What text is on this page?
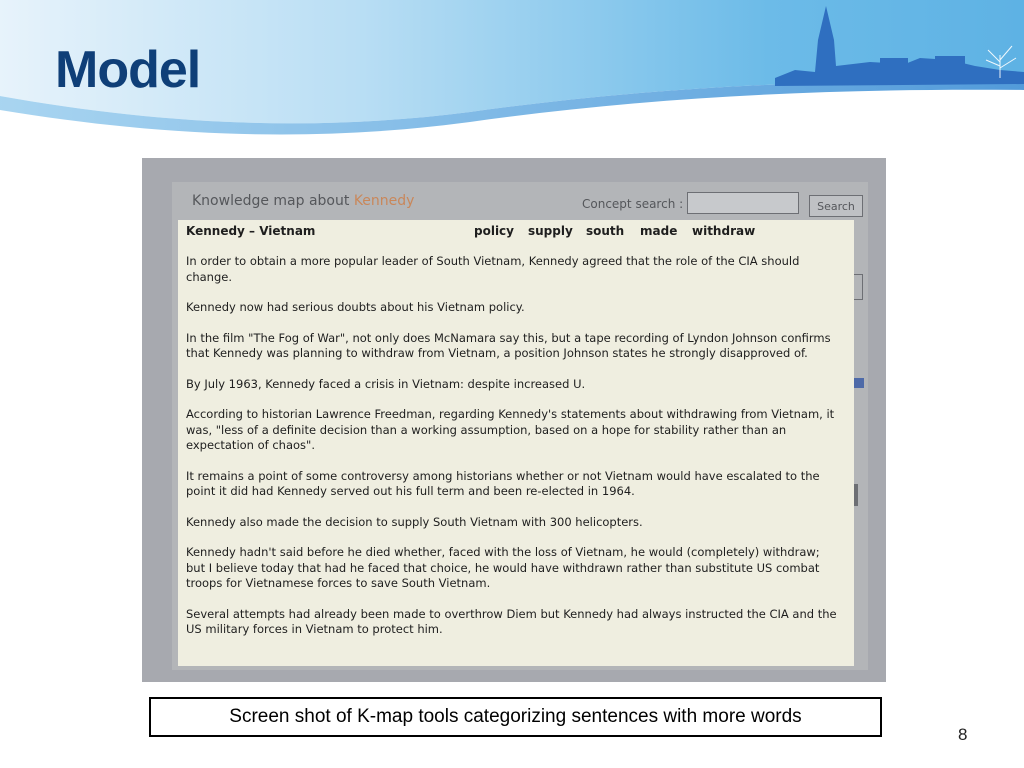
Model
Knowledge map about Kennedy	Concept search :	Search
Kennedy – Vietnam	policy supply south made withdraw

In order to obtain a more popular leader of South Vietnam, Kennedy agreed that the role of the CIA should change.

Kennedy now had serious doubts about his Vietnam policy.

In the film "The Fog of War", not only does McNamara say this, but a tape recording of Lyndon Johnson confirms that Kennedy was planning to withdraw from Vietnam, a position Johnson states he strongly disapproved of.

By July 1963, Kennedy faced a crisis in Vietnam: despite increased U.

According to historian Lawrence Freedman, regarding Kennedy's statements about withdrawing from Vietnam, it was, "less of a definite decision than a working assumption, based on a hope for stability rather than an expectation of chaos".

It remains a point of some controversy among historians whether or not Vietnam would have escalated to the point it did had Kennedy served out his full term and been re-elected in 1964.

Kennedy also made the decision to supply South Vietnam with 300 helicopters.

Kennedy hadn't said before he died whether, faced with the loss of Vietnam, he would (completely) withdraw; but I believe today that had he faced that choice, he would have withdrawn rather than substitute US combat troops for Vietnamese forces to save South Vietnam.

Several attempts had already been made to overthrow Diem but Kennedy had always instructed the CIA and the US military forces in Vietnam to protect him.

Screen shot of K-map tools categorizing sentences with more words
8
